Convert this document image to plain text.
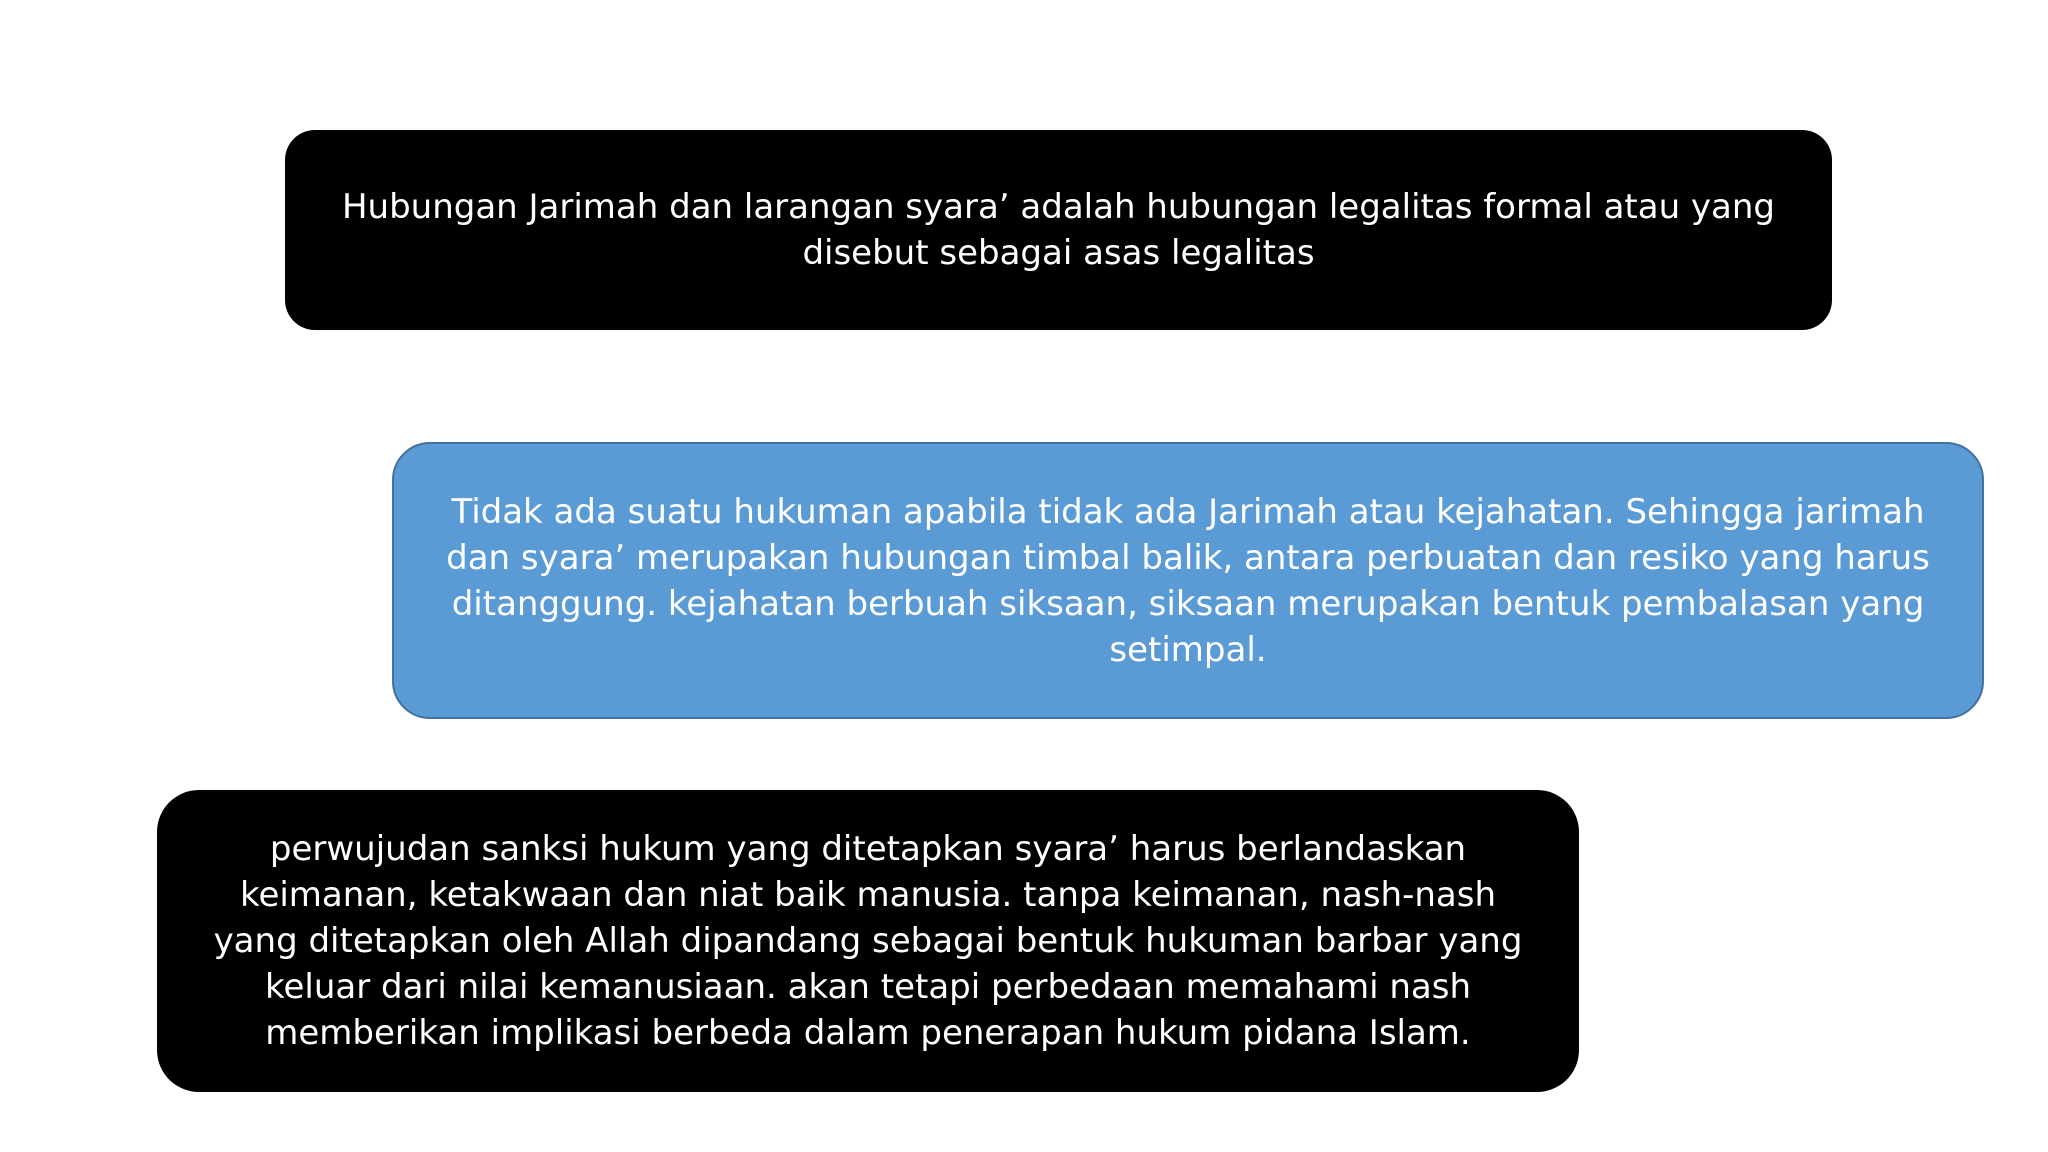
Hubungan Jarimah dan larangan syara’ adalah hubungan legalitas formal atau yang disebut sebagai asas legalitas

Tidak ada suatu hukuman apabila tidak ada Jarimah atau kejahatan. Sehingga jarimah dan syara’ merupakan hubungan timbal balik, antara perbuatan dan resiko yang harus ditanggung. kejahatan berbuah siksaan, siksaan merupakan bentuk pembalasan yang setimpal.

perwujudan sanksi hukum yang ditetapkan syara’ harus berlandaskan keimanan, ketakwaan dan niat baik manusia. tanpa keimanan, nash-nash yang ditetapkan oleh Allah dipandang sebagai bentuk hukuman barbar yang keluar dari nilai kemanusiaan. akan tetapi perbedaan memahami nash memberikan implikasi berbeda dalam penerapan hukum pidana Islam.
